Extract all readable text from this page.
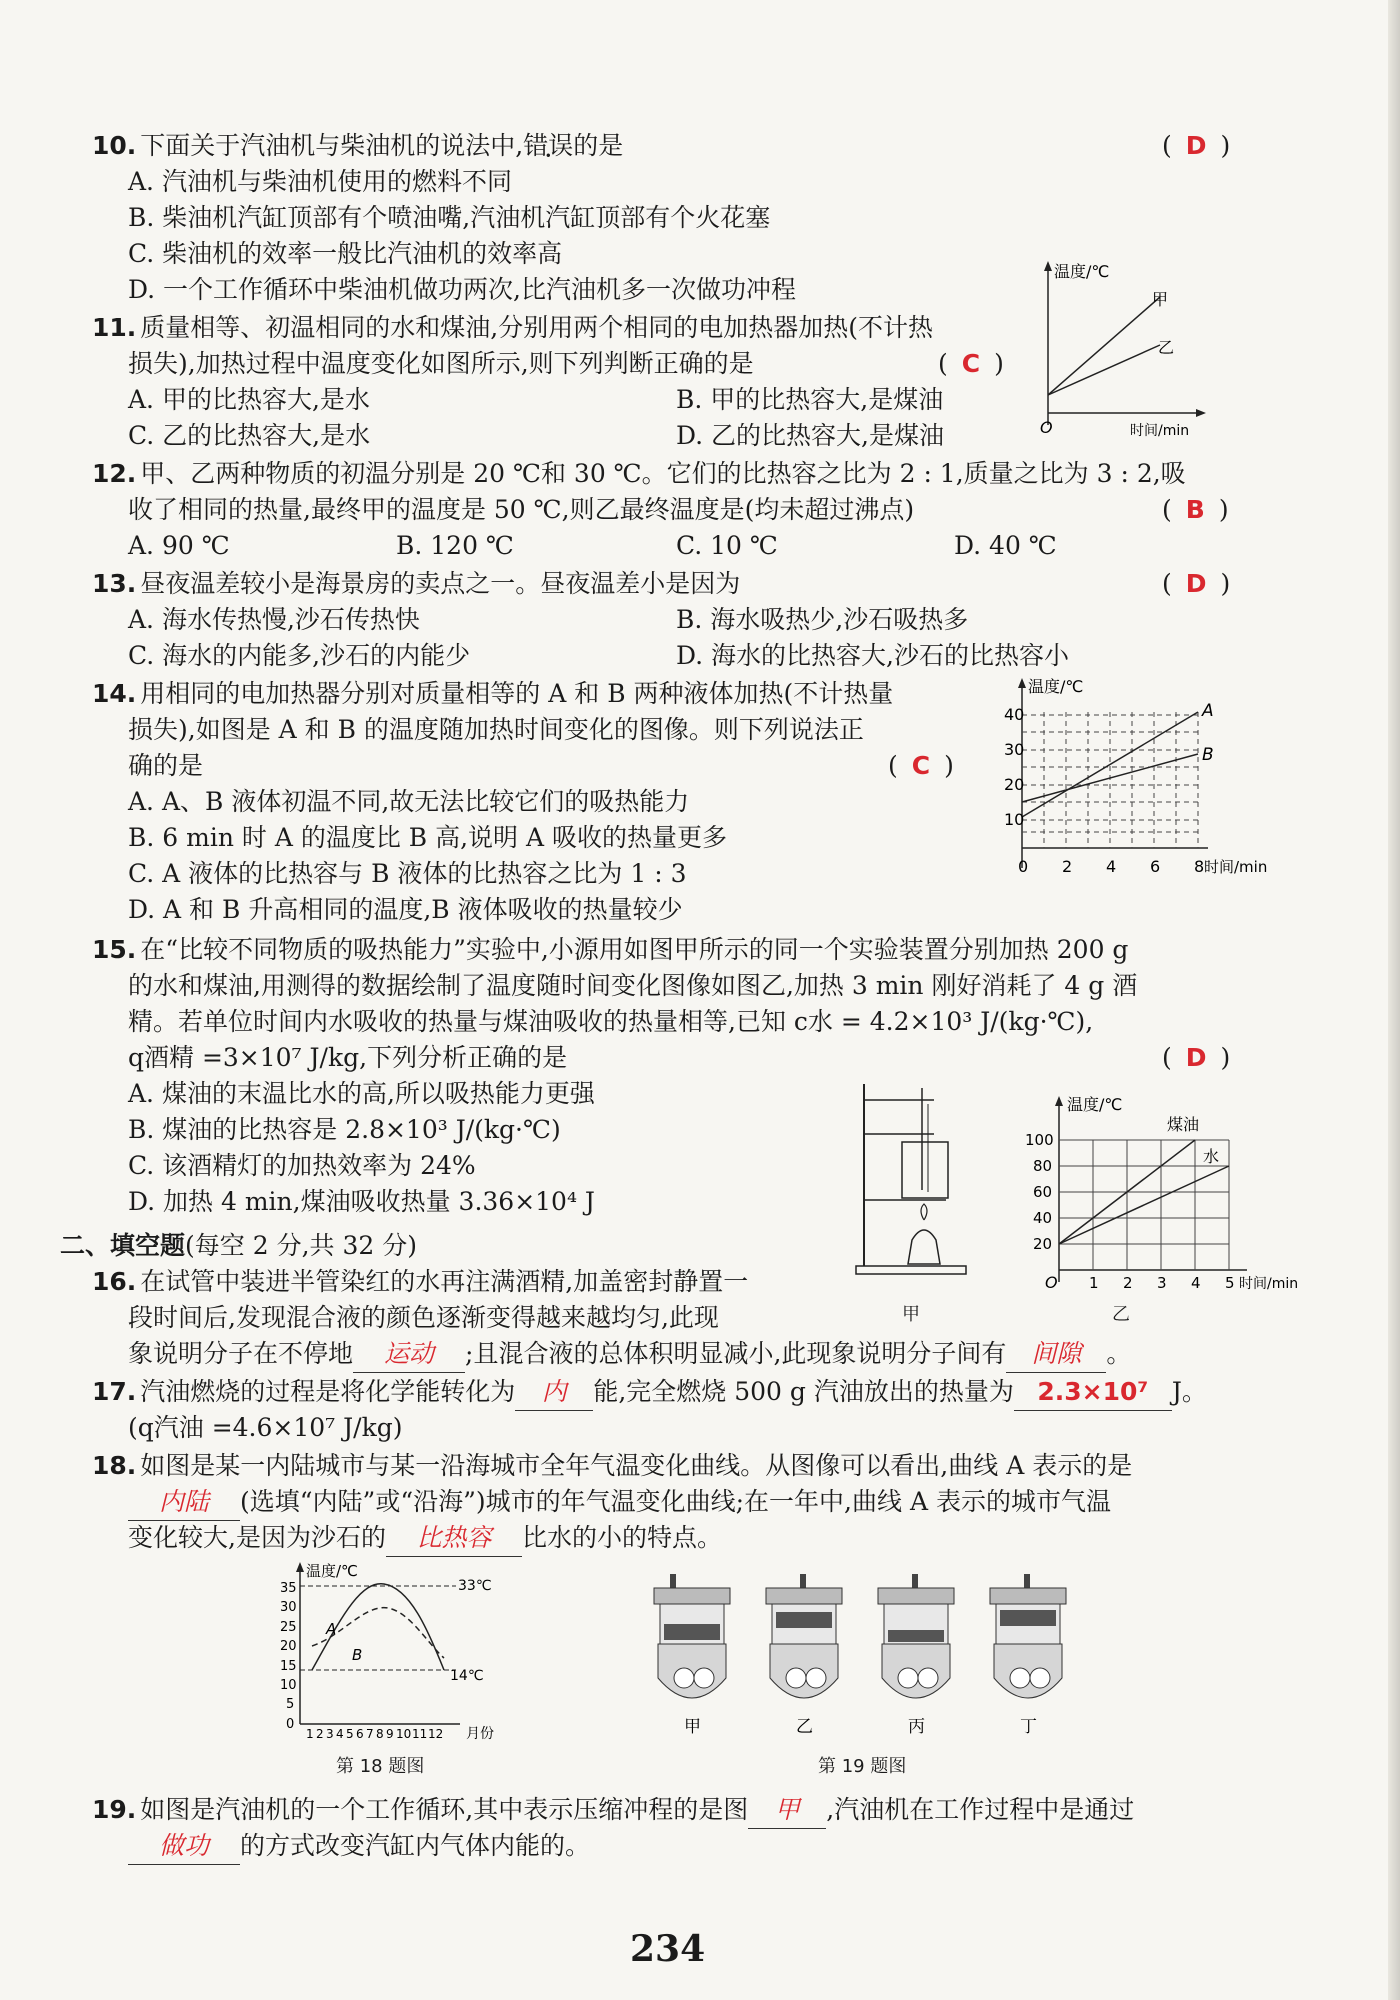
10. 下面关于汽油机与柴油机的说法中,错误的是	( D )
A. 汽油机与柴油机使用的燃料不同
B. 柴油机汽缸顶部有个喷油嘴,汽油机汽缸顶部有个火花塞
C. 柴油机的效率一般比汽油机的效率高
D. 一个工作循环中柴油机做功两次,比汽油机多一次做功冲程
温度/℃
甲
乙
O	时间/min
11. 质量相等、初温相同的水和煤油,分别用两个相同的电加热器加热(不计热
损失),加热过程中温度变化如图所示,则下列判断正确的是	( C )
A. 甲的比热容大,是水	B. 甲的比热容大,是煤油
C. 乙的比热容大,是水	D. 乙的比热容大,是煤油
12. 甲、乙两种物质的初温分别是 20 ℃和 30 ℃。它们的比热容之比为 2 : 1,质量之比为 3 : 2,吸
收了相同的热量,最终甲的温度是 50 ℃,则乙最终温度是(均未超过沸点)	( B )
A. 90 ℃	B. 120 ℃	C. 10 ℃	D. 40 ℃
13. 昼夜温差较小是海景房的卖点之一。昼夜温差小是因为	( D )
A. 海水传热慢,沙石传热快	B. 海水吸热少,沙石吸热多
C. 海水的内能多,沙石的内能少	D. 海水的比热容大,沙石的比热容小
温度/℃
10
20
30
40
0 2 4 6 8 时间/min
A
B
14. 用相同的电加热器分别对质量相等的 A 和 B 两种液体加热(不计热量
损失),如图是 A 和 B 的温度随加热时间变化的图像。则下列说法正
确的是	( C )
A. A、B 液体初温不同,故无法比较它们的吸热能力
B. 6 min 时 A 的温度比 B 高,说明 A 吸收的热量更多
C. A 液体的比热容与 B 液体的比热容之比为 1 : 3
D. A 和 B 升高相同的温度,B 液体吸收的热量较少
15. 在“比较不同物质的吸热能力”实验中,小源用如图甲所示的同一个实验装置分别加热 200 g
的水和煤油,用测得的数据绘制了温度随时间变化图像如图乙,加热 3 min 刚好消耗了 4 g 酒
精。若单位时间内水吸收的热量与煤油吸收的热量相等,已知 c水 = 4.2×10³ J/(kg·℃),
q酒精 =3×10⁷ J/kg,下列分析正确的是	( D )
A. 煤油的末温比水的高,所以吸热能力更强
B. 煤油的比热容是 2.8×10³ J/(kg·℃)
C. 该酒精灯的加热效率为 24%
D. 加热 4 min,煤油吸收热量 3.36×10⁴ J
甲
温度/℃
20
40
60
80
100
O 1 2 3 4 5 时间/min
煤油
水
乙
二、填空题(每空 2 分,共 32 分)
16. 在试管中装进半管染红的水再注满酒精,加盖密封静置一
段时间后,发现混合液的颜色逐渐变得越来越均匀,此现
象说明分子在不停地 运动 ;且混合液的总体积明显减小,此现象说明分子间有 间隙 。
17. 汽油燃烧的过程是将化学能转化为 内 能,完全燃烧 500 g 汽油放出的热量为 2.3×10⁷ J。
(q汽油 =4.6×10⁷ J/kg)
18. 如图是某一内陆城市与某一沿海城市全年气温变化曲线。从图像可以看出,曲线 A 表示的是
内陆 (选填“内陆”或“沿海”)城市的年气温变化曲线;在一年中,曲线 A 表示的城市气温
变化较大,是因为沙石的 比热容 比水的小的特点。
温度/℃
0
5
10
15
20
25
30
35	33℃
14℃
A
B
1 2 3 4 5 6 7 8 9 10 11 12 月份
第 18 题图
甲	乙	丙	丁
第 19 题图
19. 如图是汽油机的一个工作循环,其中表示压缩冲程的是图 甲 ,汽油机在工作过程中是通过
做功 的方式改变汽缸内气体内能的。
234
